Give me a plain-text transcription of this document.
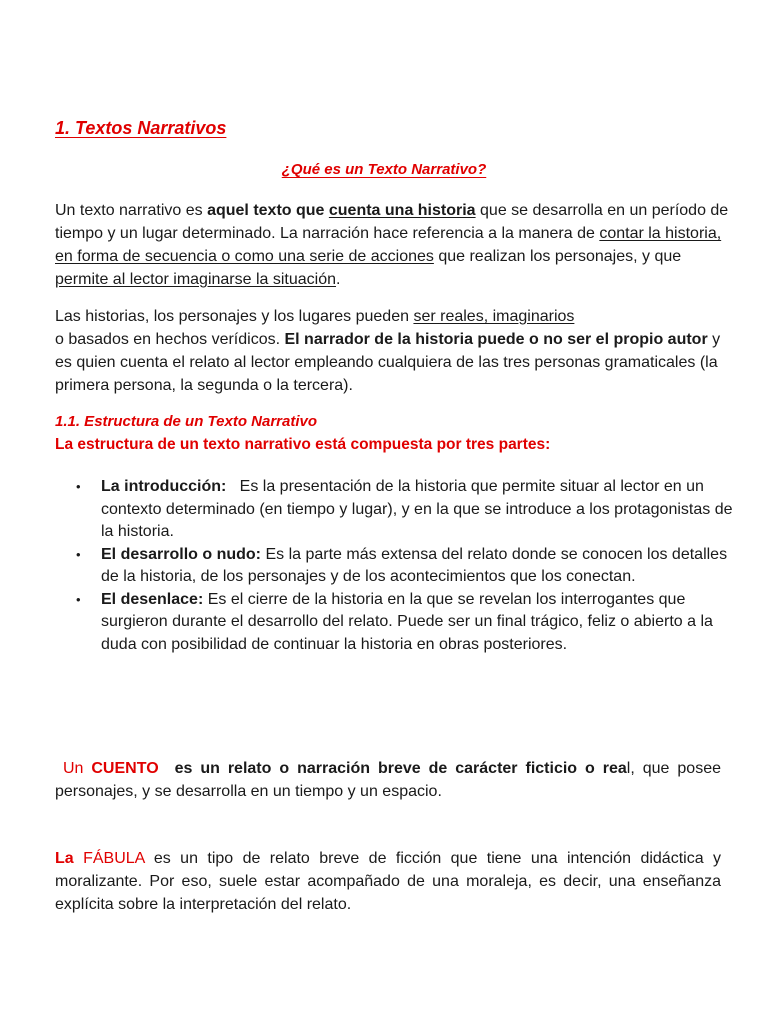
1. Textos Narrativos
¿Qué es un Texto Narrativo?
Un texto narrativo es aquel texto que cuenta una historia que se desarrolla en un período de tiempo y un lugar determinado. La narración hace referencia a la manera de contar la historia, en forma de secuencia o como una serie de acciones que realizan los personajes, y que permite al lector imaginarse la situación.
Las historias, los personajes y los lugares pueden ser reales, imaginarios
o basados en hechos verídicos. El narrador de la historia puede o no ser el propio autor y es quien cuenta el relato al lector empleando cualquiera de las tres personas gramaticales (la primera persona, la segunda o la tercera).
1.1. Estructura de un Texto Narrativo
La estructura de un texto narrativo está compuesta por tres partes:
• La introducción:   Es la presentación de la historia que permite situar al lector en un contexto determinado (en tiempo y lugar), y en la que se introduce a los protagonistas de la historia.
• El desarrollo o nudo: Es la parte más extensa del relato donde se conocen los detalles de la historia, de los personajes y de los acontecimientos que los conectan.
• El desenlace: Es el cierre de la historia en la que se revelan los interrogantes que surgieron durante el desarrollo del relato. Puede ser un final trágico, feliz o abierto a la duda con posibilidad de continuar la historia en obras posteriores.
Un CUENTO  es un relato o narración breve de carácter ficticio o real, que posee personajes, y se desarrolla en un tiempo y un espacio.
La FÁBULA es un tipo de relato breve de ficción que tiene una intención didáctica y moralizante. Por eso, suele estar acompañado de una moraleja, es decir, una enseñanza explícita sobre la interpretación del relato.
